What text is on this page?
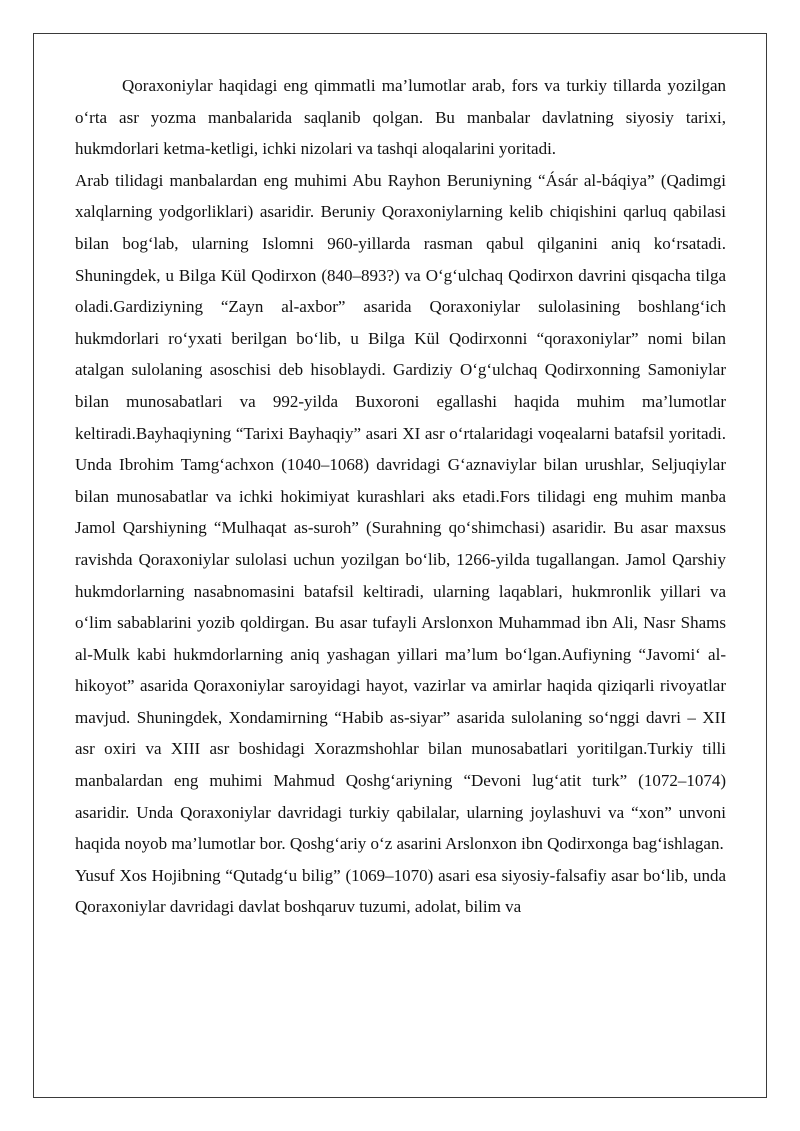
Qoraxoniylar haqidagi eng qimmatli ma’lumotlar arab, fors va turkiy tillarda yozilgan o‘rta asr yozma manbalarida saqlanib qolgan. Bu manbalar davlatning siyosiy tarixi, hukmdorlari ketma-ketligi, ichki nizolari va tashqi aloqalarini yoritadi.

Arab tilidagi manbalardan eng muhimi Abu Rayhon Beruniyning “Ásár al-báqiya” (Qadimgi xalqlarning yodgorliklari) asaridir. Beruniy Qoraxoniylarning kelib chiqishini qarluq qabilasi bilan bog‘lab, ularning Islomni 960-yillarda rasman qabul qilganini aniq ko‘rsatadi. Shuningdek, u Bilga Kül Qodirxon (840–893?) va O‘g‘ulchaq Qodirxon davrini qisqacha tilga oladi.Gardiziyning “Zayn al-axbor” asarida Qoraxoniylar sulolasining boshlang‘ich hukmdorlari ro‘yxati berilgan bo‘lib, u Bilga Kül Qodirxonni “qoraxoniylar” nomi bilan atalgan sulolaning asoschisi deb hisoblaydi. Gardiziy O‘g‘ulchaq Qodirxonning Samoniylar bilan munosabatlari va 992-yilda Buxoroni egallashi haqida muhim ma’lumotlar keltiradi.Bayhaqiyning “Tarixi Bayhaqiy” asari XI asr o‘rtalaridagi voqealarni batafsil yoritadi. Unda Ibrohim Tamg‘achxon (1040–1068) davridagi G‘aznaviylar bilan urushlar, Seljuqiylar bilan munosabatlar va ichki hokimiyat kurashlari aks etadi.Fors tilidagi eng muhim manba Jamol Qarshiyning “Mulhaqat as-suroh” (Surahning qo‘shimchasi) asaridir. Bu asar maxsus ravishda Qoraxoniylar sulolasi uchun yozilgan bo‘lib, 1266-yilda tugallangan. Jamol Qarshiy hukmdorlarning nasabnomasini batafsil keltiradi, ularning laqablari, hukmronlik yillari va o‘lim sabablarini yozib qoldirgan. Bu asar tufayli Arslonxon Muhammad ibn Ali, Nasr Shams al-Mulk kabi hukmdorlarning aniq yashagan yillari ma’lum bo‘lgan.Aufiyning “Javomi‘ al-hikoyot” asarida Qoraxoniylar saroyidagi hayot, vazirlar va amirlar haqida qiziqarli rivoyatlar mavjud. Shuningdek, Xondamirning “Habib as-siyar” asarida sulolaning so‘nggi davri – XII asr oxiri va XIII asr boshidagi Xorazmshohlar bilan munosabatlari yoritilgan.Turkiy tilli manbalardan eng muhimi Mahmud Qoshg‘ariyning “Devoni lug‘atit turk” (1072–1074) asaridir. Unda Qoraxoniylar davridagi turkiy qabilalar, ularning joylashuvi va “xon” unvoni haqida noyob ma’lumotlar bor. Qoshg‘ariy o‘z asarini Arslonxon ibn Qodirxonga bag‘ishlagan.

Yusuf Xos Hojibning “Qutadg‘u bilig” (1069–1070) asari esa siyosiy-falsafiy asar bo‘lib, unda Qoraxoniylar davridagi davlat boshqaruv tuzumi, adolat, bilim va
